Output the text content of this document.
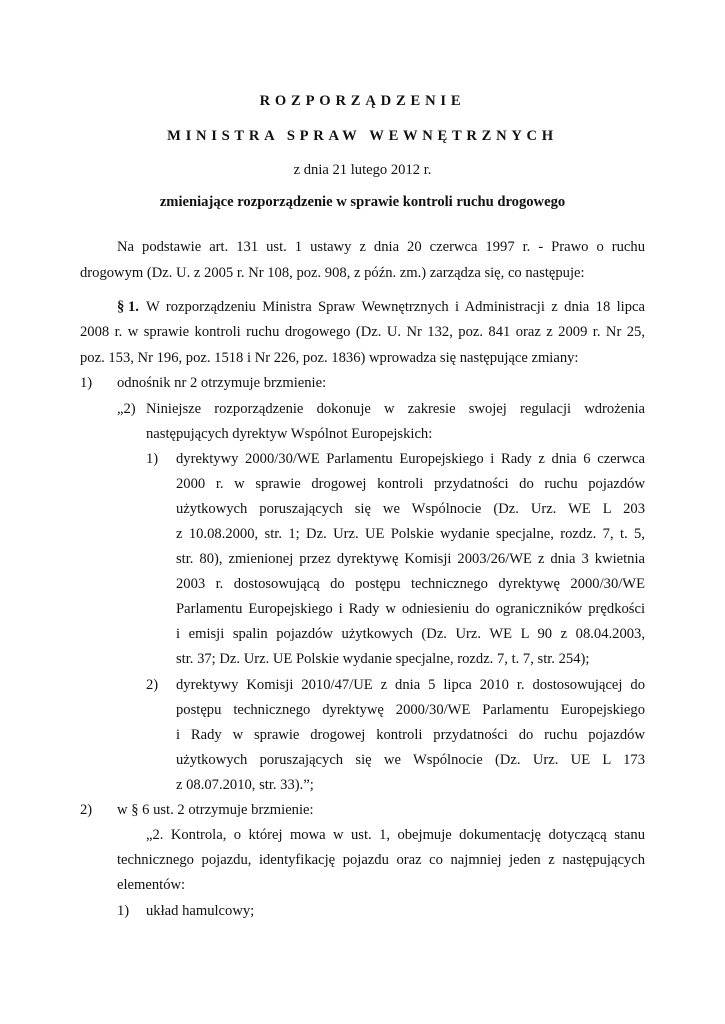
ROZPORZĄDZENIE
MINISTRA SPRAW WEWNĘTRZNYCH
z dnia 21 lutego 2012 r.
zmieniające rozporządzenie w sprawie kontroli ruchu drogowego
Na podstawie art. 131 ust. 1 ustawy z dnia 20 czerwca 1997 r. - Prawo o ruchu
drogowym (Dz. U. z 2005 r. Nr 108, poz. 908, z późn. zm.) zarządza się, co następuje:
§ 1. W rozporządzeniu Ministra Spraw Wewnętrznych i Administracji z dnia 18 lipca
2008 r. w sprawie kontroli ruchu drogowego (Dz. U. Nr 132, poz. 841 oraz z 2009 r. Nr 25,
poz. 153, Nr 196, poz. 1518 i Nr 226, poz. 1836) wprowadza się następujące zmiany:
1) odnośnik nr 2 otrzymuje brzmienie:
„2) Niniejsze rozporządzenie dokonuje w zakresie swojej regulacji wdrożenia
następujących dyrektyw Wspólnot Europejskich:
1) dyrektywy 2000/30/WE Parlamentu Europejskiego i Rady z dnia 6 czerwca
2000 r. w sprawie drogowej kontroli przydatności do ruchu pojazdów
użytkowych poruszających się we Wspólnocie (Dz. Urz. WE L 203
z 10.08.2000, str. 1; Dz. Urz. UE Polskie wydanie specjalne, rozdz. 7, t. 5,
str. 80), zmienionej przez dyrektywę Komisji 2003/26/WE z dnia 3 kwietnia
2003 r. dostosowującą do postępu technicznego dyrektywę 2000/30/WE
Parlamentu Europejskiego i Rady w odniesieniu do ograniczników prędkości
i emisji spalin pojazdów użytkowych (Dz. Urz. WE L 90 z 08.04.2003,
str. 37; Dz. Urz. UE Polskie wydanie specjalne, rozdz. 7, t. 7, str. 254);
2) dyrektywy Komisji 2010/47/UE z dnia 5 lipca 2010 r. dostosowującej do
postępu technicznego dyrektywę 2000/30/WE Parlamentu Europejskiego
i Rady w sprawie drogowej kontroli przydatności do ruchu pojazdów
użytkowych poruszających się we Wspólnocie (Dz. Urz. UE L 173
z 08.07.2010, str. 33).”;
2) w § 6 ust. 2 otrzymuje brzmienie:
„2. Kontrola, o której mowa w ust. 1, obejmuje dokumentację dotyczącą stanu
technicznego pojazdu, identyfikację pojazdu oraz co najmniej jeden z następujących
elementów:
1) układ hamulcowy;
